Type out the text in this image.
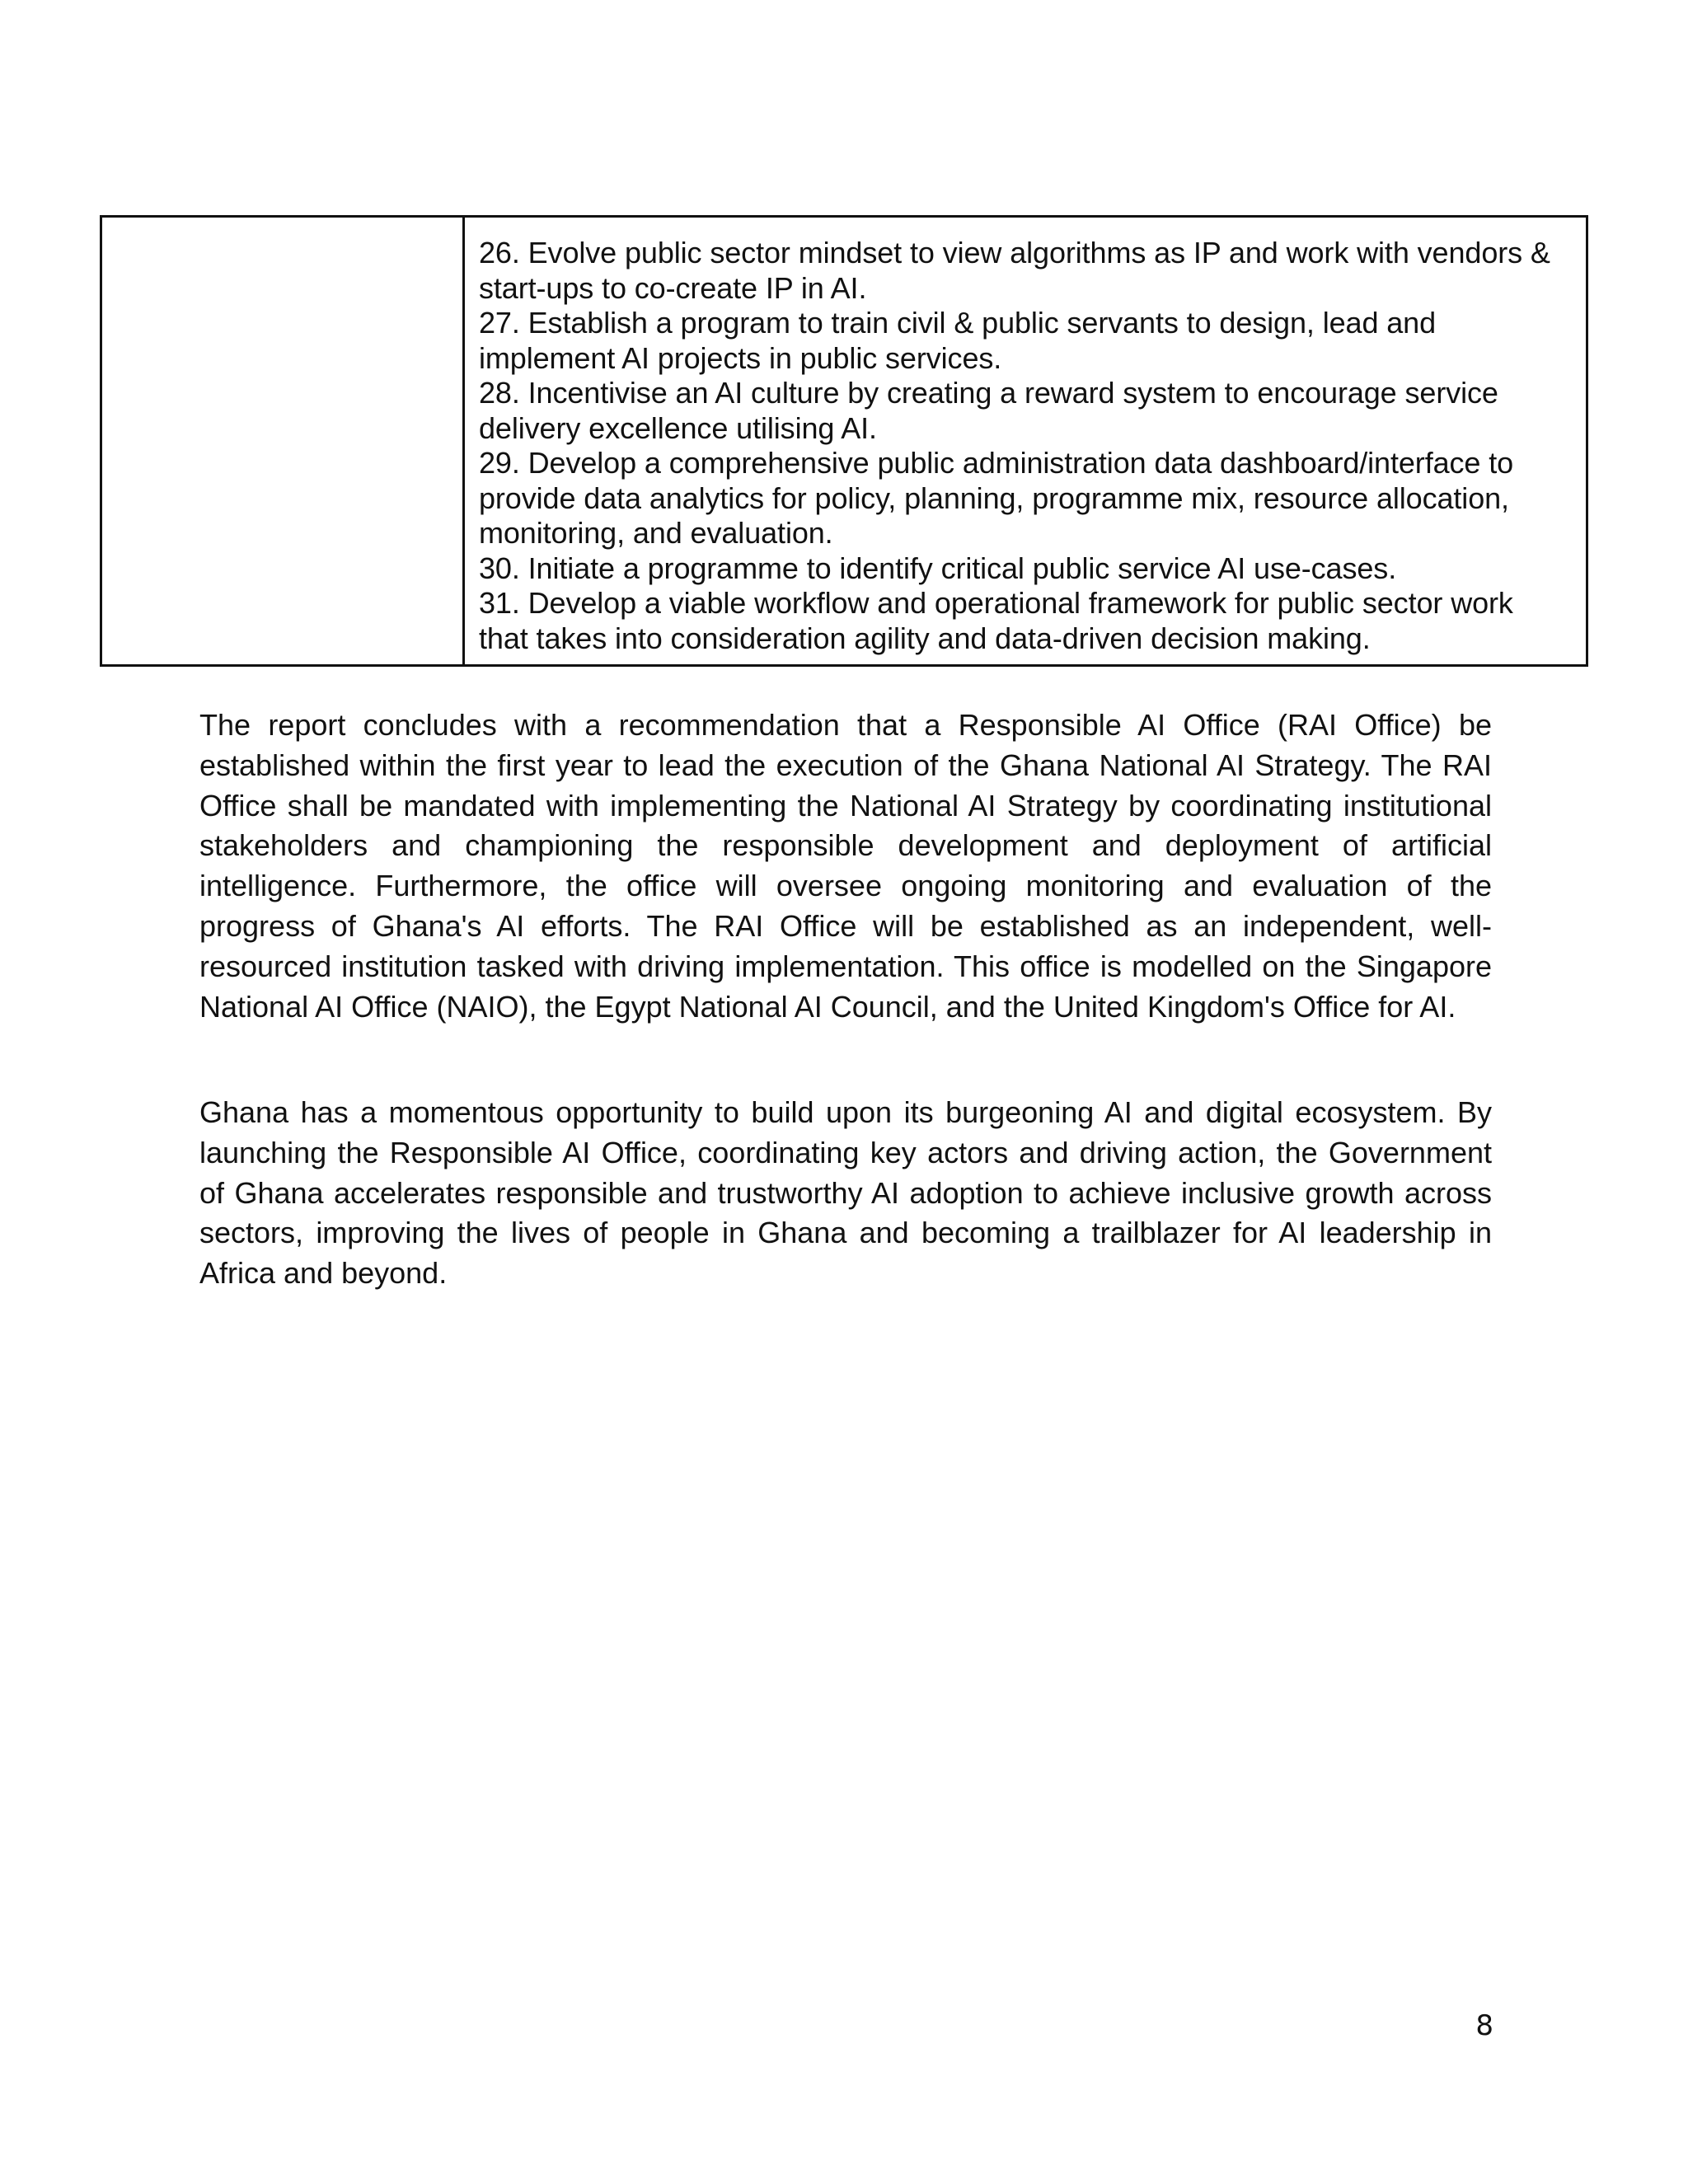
26. Evolve public sector mindset to view algorithms as IP and work with vendors & start-ups to co-create IP in AI.
27. Establish a program to train civil & public servants to design, lead and implement AI projects in public services.
28. Incentivise an AI culture by creating a reward system to encourage service delivery excellence utilising AI.
29. Develop a comprehensive public administration data dashboard/interface to provide data analytics for policy, planning, programme mix, resource allocation, monitoring, and evaluation.
30. Initiate a programme to identify critical public service AI use-cases.
31. Develop a viable workflow and operational framework for public sector work that takes into consideration agility and data-driven decision making.

The report concludes with a recommendation that a Responsible AI Office (RAI Office) be established within the first year to lead the execution of the Ghana National AI Strategy. The RAI Office shall be mandated with implementing the National AI Strategy by coordinating institutional stakeholders and championing the responsible development and deployment of artificial intelligence. Furthermore, the office will oversee ongoing monitoring and evaluation of the progress of Ghana's AI efforts. The RAI Office will be established as an independent, well-resourced institution tasked with driving implementation. This office is modelled on the Singapore National AI Office (NAIO), the Egypt National AI Council, and the United Kingdom's Office for AI.

Ghana has a momentous opportunity to build upon its burgeoning AI and digital ecosystem. By launching the Responsible AI Office, coordinating key actors and driving action, the Government of Ghana accelerates responsible and trustworthy AI adoption to achieve inclusive growth across sectors, improving the lives of people in Ghana and becoming a trailblazer for AI leadership in Africa and beyond.

8
